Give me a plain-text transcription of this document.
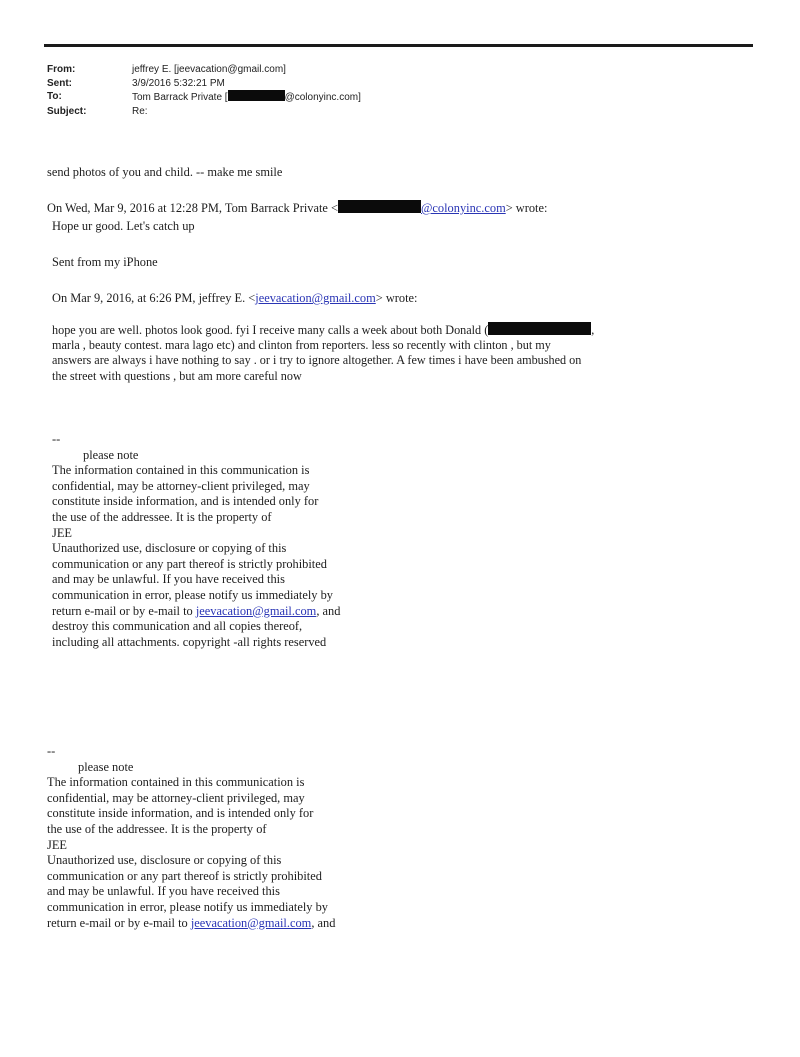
From:	jeffrey E. [jeevacation@gmail.com]
Sent:	3/9/2016 5:32:21 PM
To:	Tom Barrack Private [	@colonyinc.com]
Subject:	Re:
send photos of you and child. -- make me smile
On Wed, Mar 9, 2016 at 12:28 PM, Tom Barrack Private <	@colonyinc.com> wrote:
Hope ur good. Let's catch up
Sent from my iPhone
On Mar 9, 2016, at 6:26 PM, jeffrey E. <jeevacation@gmail.com> wrote:
hope you are well. photos look good. fyi I receive many calls a week about both Donald (	,
marla , beauty contest. mara lago etc) and clinton from reporters. less so recently with clinton , but my
answers are always i have nothing to say . or i try to ignore altogether. A few times i have been ambushed on
the street with questions , but am more careful now
--
please note
The information contained in this communication is
confidential, may be attorney-client privileged, may
constitute inside information, and is intended only for
the use of the addressee. It is the property of
JEE
Unauthorized use, disclosure or copying of this
communication or any part thereof is strictly prohibited
and may be unlawful. If you have received this
communication in error, please notify us immediately by
return e-mail or by e-mail to jeevacation@gmail.com, and
destroy this communication and all copies thereof,
including all attachments. copyright -all rights reserved
--
please note
The information contained in this communication is
confidential, may be attorney-client privileged, may
constitute inside information, and is intended only for
the use of the addressee. It is the property of
JEE
Unauthorized use, disclosure or copying of this
communication or any part thereof is strictly prohibited
and may be unlawful. If you have received this
communication in error, please notify us immediately by
return e-mail or by e-mail to jeevacation@gmail.com, and
